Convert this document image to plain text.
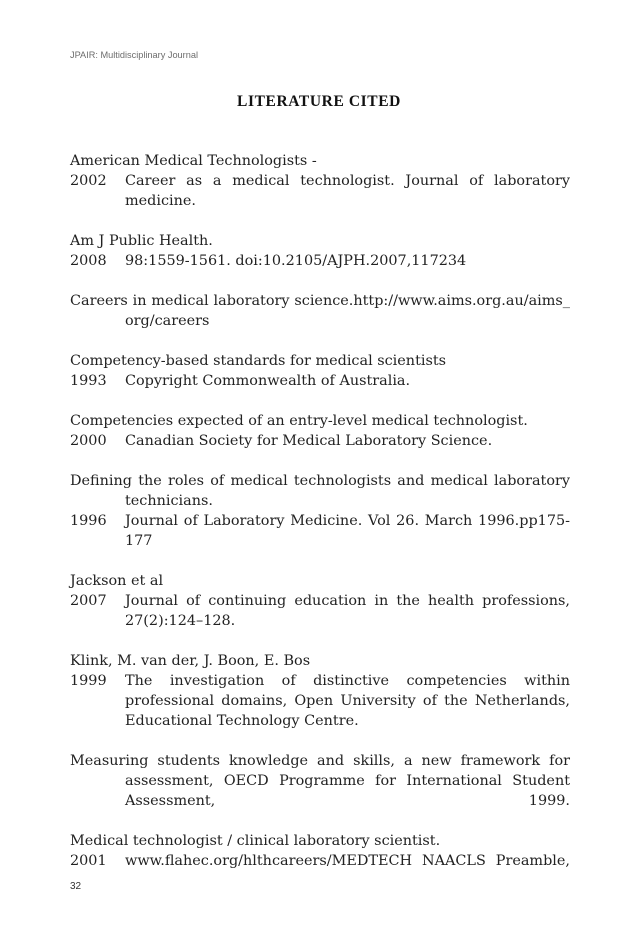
JPAIR: Multidisciplinary Journal
LITERATURE CITED
American Medical Technologists -
2002	Career as a medical technologist. Journal of laboratory medicine.
Am J Public Health.
2008	98:1559-1561. doi:10.2105/AJPH.2007,117234
Careers in medical laboratory science.http://www.aims.org.au/aims_
org/careers
Competency-based standards for medical scientists
1993	Copyright Commonwealth of Australia.
Competencies expected of an entry-level medical technologist.
2000	Canadian Society for Medical Laboratory Science.
Defining the roles of medical technologists and medical laboratory technicians.
1996	Journal of Laboratory Medicine. Vol 26. March 1996.pp175-177
Jackson et al
2007	Journal of continuing education in the health professions, 27(2):124–128.
Klink, M. van der, J. Boon, E. Bos
1999	The investigation of distinctive competencies within professional domains, Open University of the Netherlands, Educational Technology Centre.
Measuring students knowledge and skills, a new framework for assessment, OECD Programme for International Student Assessment, 1999.
Medical technologist / clinical laboratory scientist.
2001	www.flahec.org/hlthcareers/MEDTECH NAACLS Preamble,
32
